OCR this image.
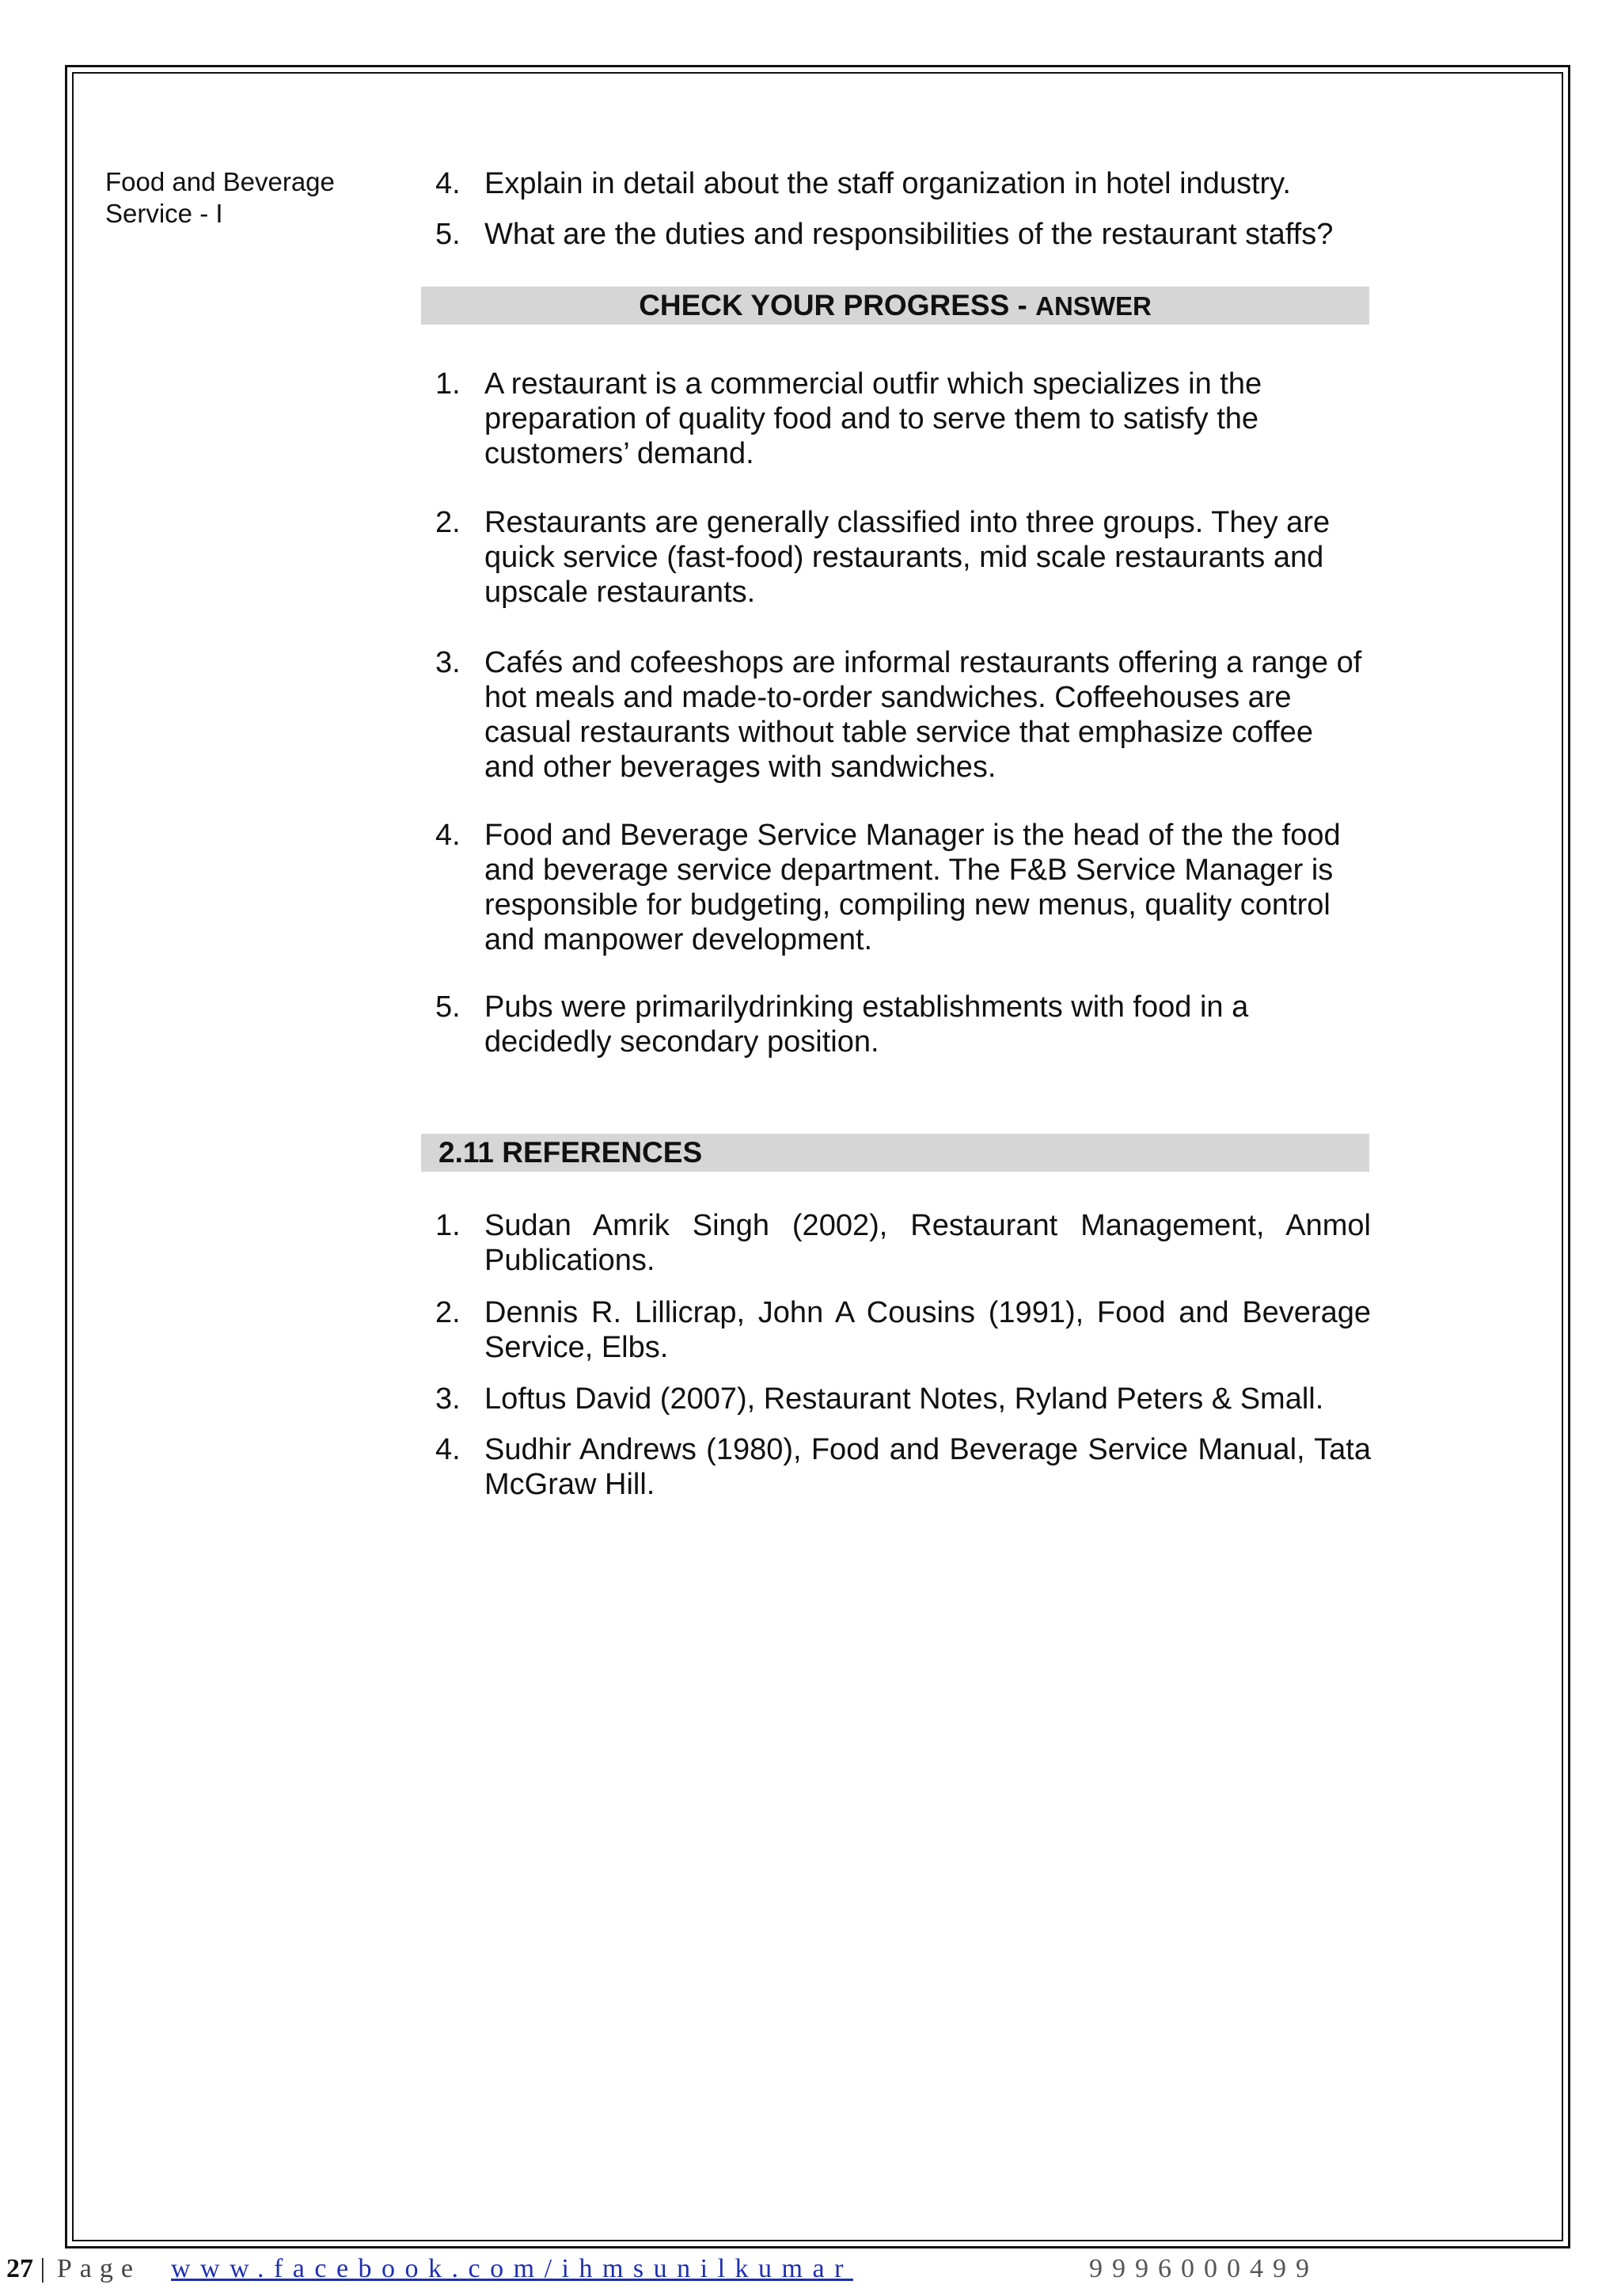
Food and Beverage Service - I
4. Explain in detail about the staff organization in hotel industry.
5. What are the duties and responsibilities of the restaurant staffs?
CHECK YOUR PROGRESS - ANSWER
1. A restaurant is a commercial outfir which specializes in the preparation of quality food and to serve them to satisfy the customers’ demand.
2. Restaurants are generally classified into three groups. They are quick service (fast-food) restaurants, mid scale restaurants and upscale restaurants.
3. Cafés and cofeeshops are informal restaurants offering a range of hot meals and made-to-order sandwiches. Coffeehouses are casual restaurants without table service that emphasize coffee and other beverages with sandwiches.
4. Food and Beverage Service Manager is the head of the the food and beverage service department. The F&B Service Manager is responsible for budgeting, compiling new menus, quality control and manpower development.
5. Pubs were primarilydrinking establishments with food in a decidedly secondary position.
2.11 REFERENCES
1. Sudan Amrik Singh (2002), Restaurant Management, Anmol Publications.
2. Dennis R. Lillicrap, John A Cousins (1991), Food and Beverage Service, Elbs.
3. Loftus David (2007), Restaurant Notes, Ryland Peters & Small.
4. Sudhir Andrews (1980), Food and Beverage Service Manual, Tata McGraw Hill.
27 | Page www.facebook.com/ihmsunilkumar	9996000499
